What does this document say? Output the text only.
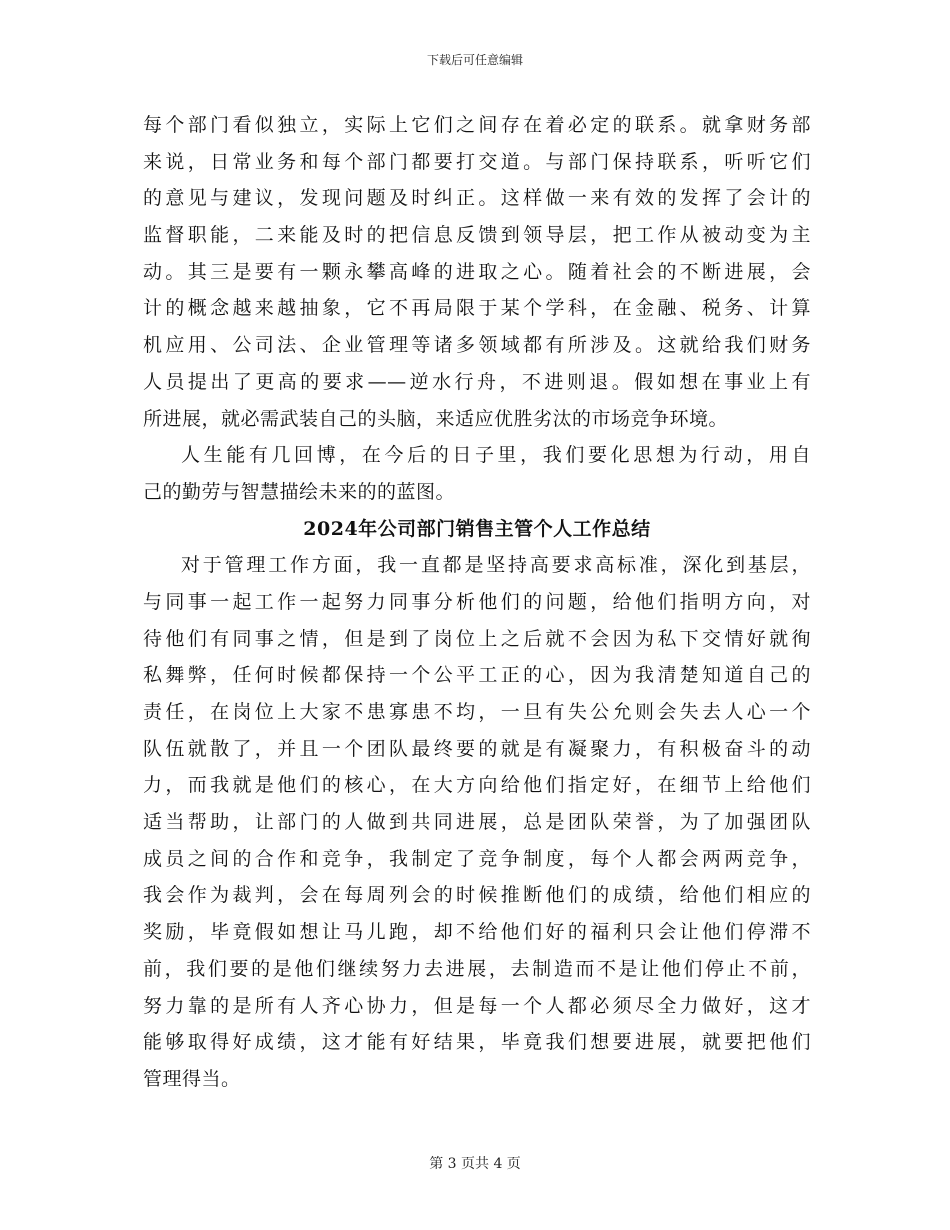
下载后可任意编辑
每个部门看似独立，实际上它们之间存在着必定的联系。就拿财务部
来说，日常业务和每个部门都要打交道。与部门保持联系，听听它们
的意见与建议，发现问题及时纠正。这样做一来有效的发挥了会计的
监督职能，二来能及时的把信息反馈到领导层，把工作从被动变为主
动。其三是要有一颗永攀高峰的进取之心。随着社会的不断进展，会
计的概念越来越抽象，它不再局限于某个学科，在金融、税务、计算
机应用、公司法、企业管理等诸多领域都有所涉及。这就给我们财务
人员提出了更高的要求——逆水行舟，不进则退。假如想在事业上有
所进展，就必需武装自己的头脑，来适应优胜劣汰的市场竞争环境。
人生能有几回博，在今后的日子里，我们要化思想为行动，用自
己的勤劳与智慧描绘未来的的蓝图。
2024年公司部门销售主管个人工作总结
对于管理工作方面，我一直都是坚持高要求高标准，深化到基层，
与同事一起工作一起努力同事分析他们的问题，给他们指明方向，对
待他们有同事之情，但是到了岗位上之后就不会因为私下交情好就徇
私舞弊，任何时候都保持一个公平工正的心，因为我清楚知道自己的
责任，在岗位上大家不患寡患不均，一旦有失公允则会失去人心一个
队伍就散了，并且一个团队最终要的就是有凝聚力，有积极奋斗的动
力，而我就是他们的核心，在大方向给他们指定好，在细节上给他们
适当帮助，让部门的人做到共同进展，总是团队荣誉，为了加强团队
成员之间的合作和竞争，我制定了竞争制度，每个人都会两两竞争，
我会作为裁判，会在每周列会的时候推断他们的成绩，给他们相应的
奖励，毕竟假如想让马儿跑，却不给他们好的福利只会让他们停滞不
前，我们要的是他们继续努力去进展，去制造而不是让他们停止不前，
努力靠的是所有人齐心协力，但是每一个人都必须尽全力做好，这才
能够取得好成绩，这才能有好结果，毕竟我们想要进展，就要把他们
管理得当。
第 3 页共 4 页
